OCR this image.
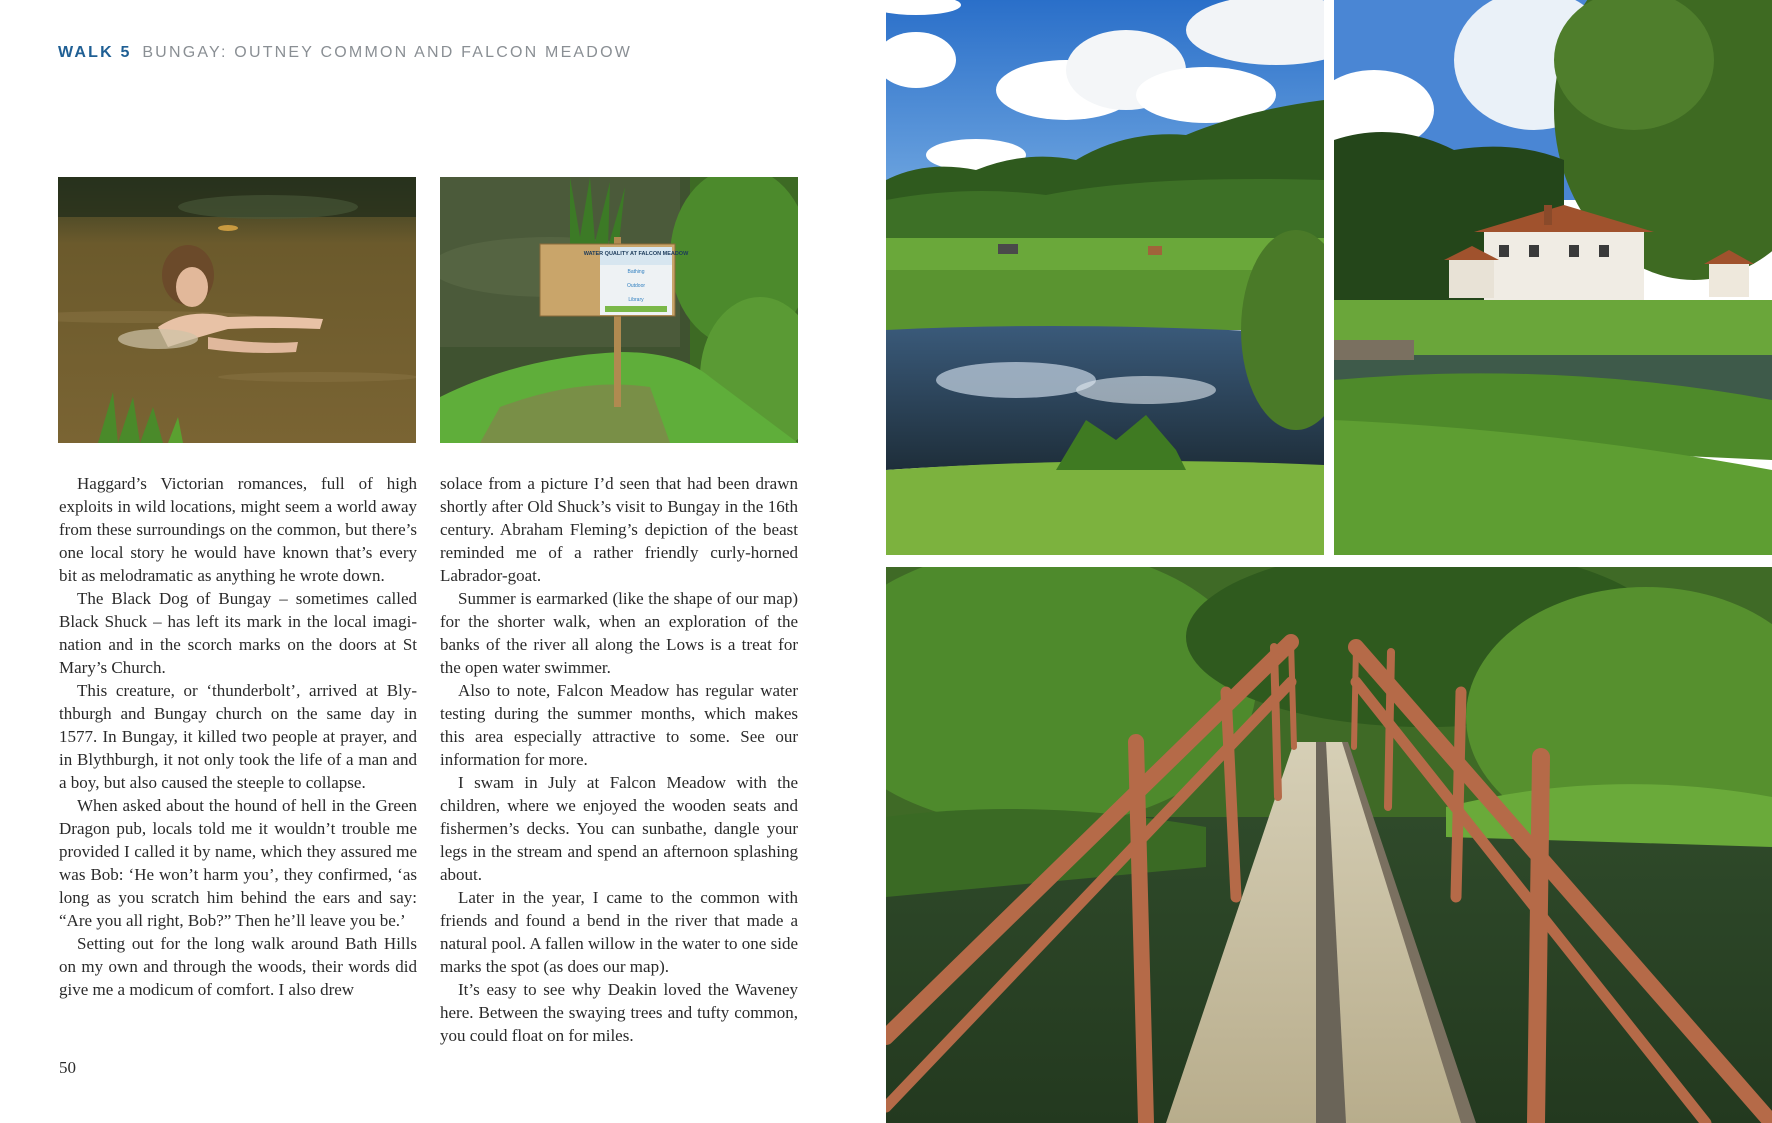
WALK 5 BUNGAY: OUTNEY COMMON AND FALCON MEADOW
WATER QUALITY AT FALCON MEADOW
Bathing
Outdoor
Library

Haggard’s Victorian romances, full of high exploits in wild locations, might seem a world away from these surroundings on the common, but there’s one local story he would have known that’s every bit as melodramatic as anything he wrote down.

The Black Dog of Bungay – sometimes called Black Shuck – has left its mark in the local imagi-nation and in the scorch marks on the doors at St Mary’s Church.

This creature, or ‘thunderbolt’, arrived at Bly-thburgh and Bungay church on the same day in 1577. In Bungay, it killed two people at prayer, and in Blythburgh, it not only took the life of a man and a boy, but also caused the steeple to collapse.

When asked about the hound of hell in the Green Dragon pub, locals told me it wouldn’t trouble me provided I called it by name, which they assured me was Bob: ‘He won’t harm you’, they confirmed, ‘as long as you scratch him behind the ears and say: “Are you all right, Bob?” Then he’ll leave you be.’

Setting out for the long walk around Bath Hills on my own and through the woods, their words did give me a modicum of comfort. I also drew

solace from a picture I’d seen that had been drawn shortly after Old Shuck’s visit to Bungay in the 16th century. Abraham Fleming’s depiction of the beast reminded me of a rather friendly curly-horned Labrador-goat.

Summer is earmarked (like the shape of our map) for the shorter walk, when an exploration of the banks of the river all along the Lows is a treat for the open water swimmer.

Also to note, Falcon Meadow has regular water testing during the summer months, which makes this area especially attractive to some. See our information for more.

I swam in July at Falcon Meadow with the children, where we enjoyed the wooden seats and fishermen’s decks. You can sunbathe, dangle your legs in the stream and spend an afternoon splashing about.

Later in the year, I came to the common with friends and found a bend in the river that made a natural pool. A fallen willow in the water to one side marks the spot (as does our map).

It’s easy to see why Deakin loved the Waveney here. Between the swaying trees and tufty common, you could float on for miles.

50
